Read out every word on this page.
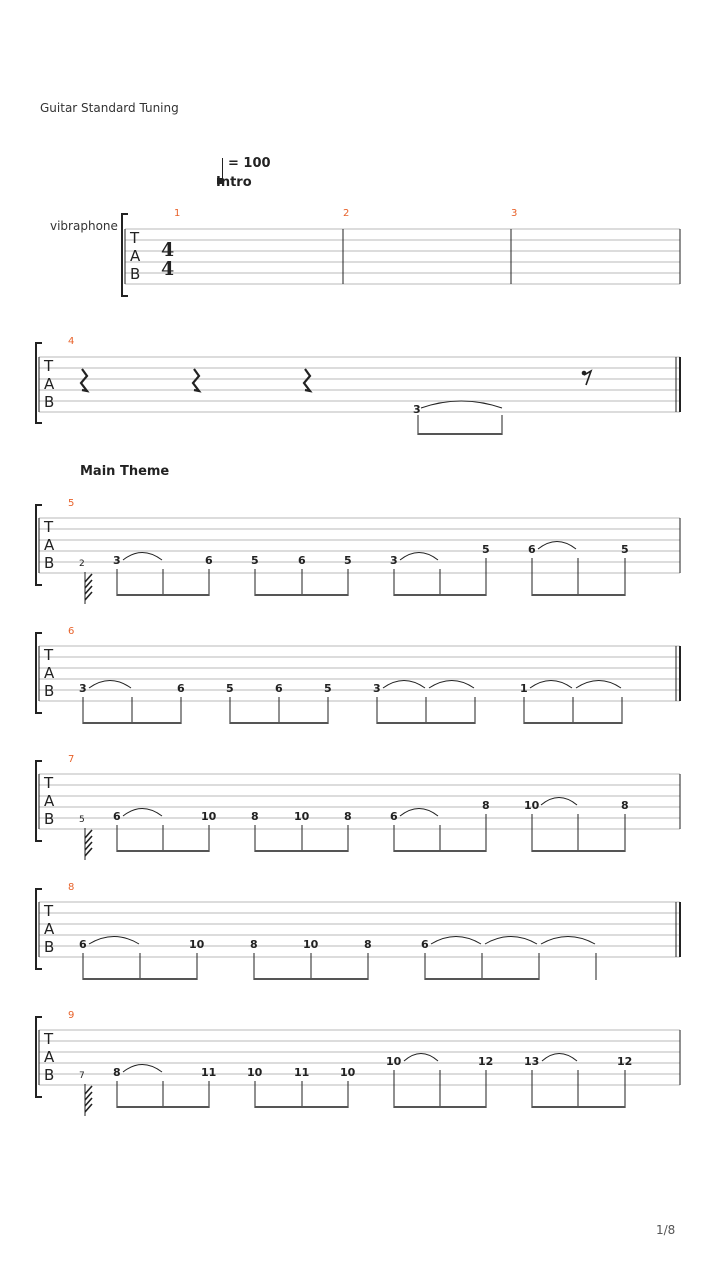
Guitar Standard Tuning
= 100
Intro
vibraphone
Main Theme
T
A
B
4
4
1	2	3
T
A
B
4
3
T
A
B
5
2	3	6	5	6	5	3
5	6	5
T
A
B
6
3	6	5	6	5	3	1
T
A
B
7
5	6	10	8	10	8	6
8	10	8
T
A
B
8
6	10	8	10	8	6
T
A
B
9
7	8	11	10	11	10
10	12	13	12
1/8
